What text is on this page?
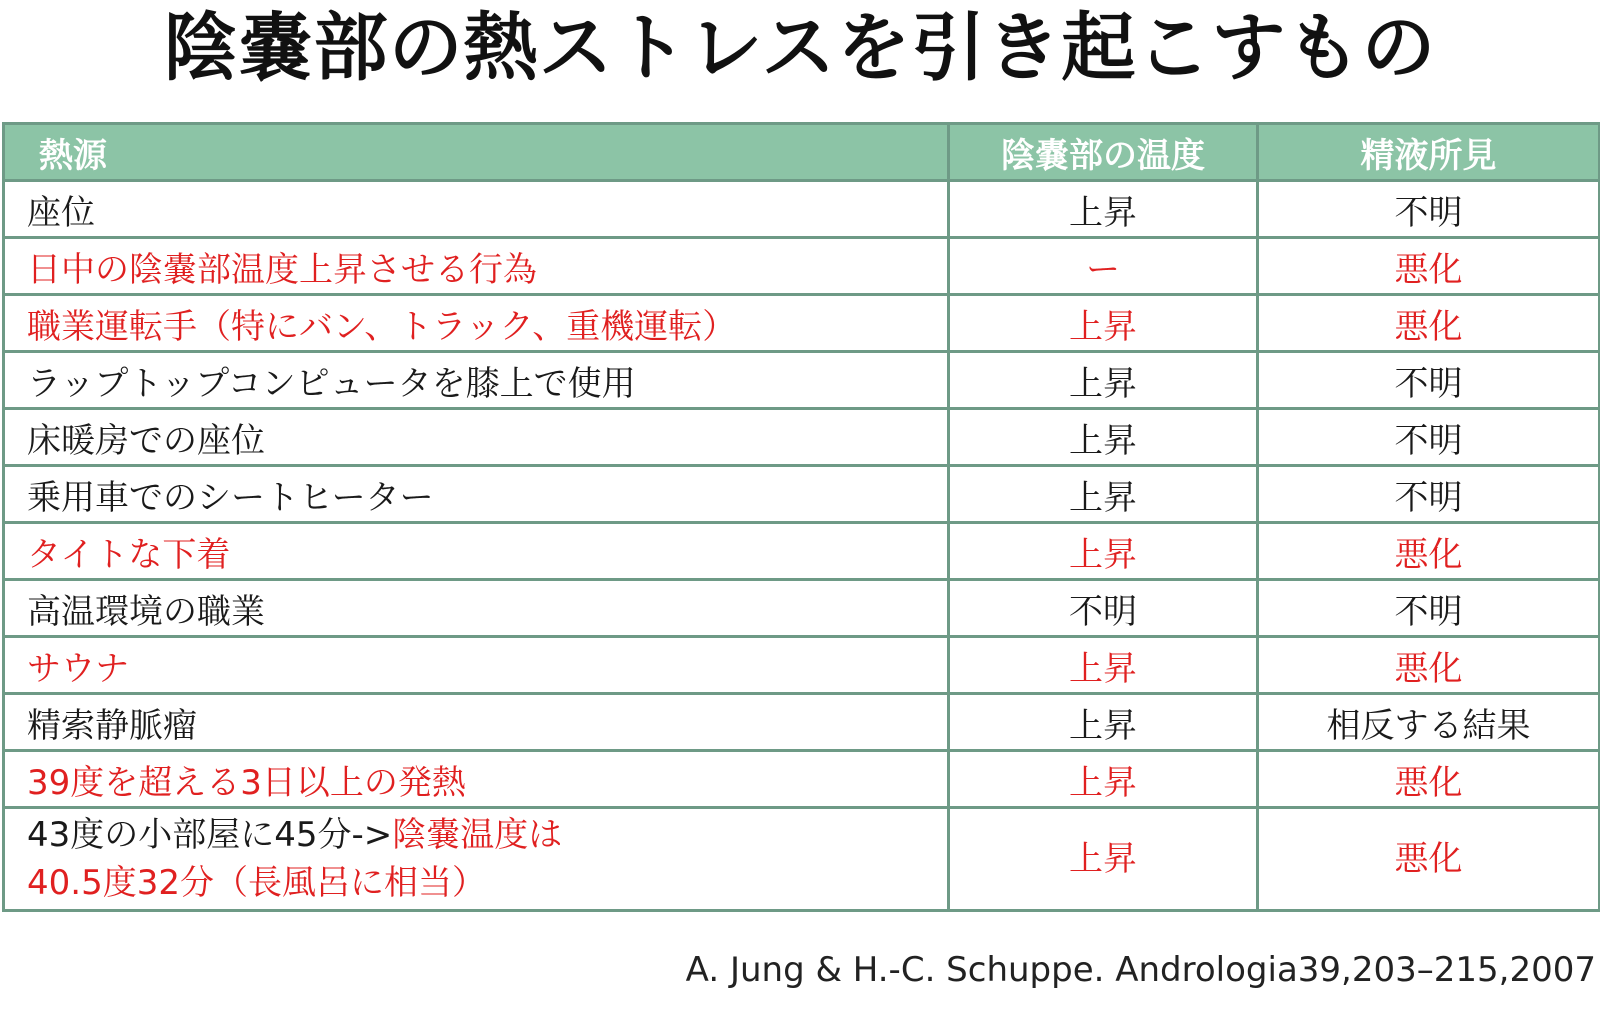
陰嚢部の熱ストレスを引き起こすもの
熱源	陰嚢部の温度	精液所見
座位	上昇	不明
日中の陰嚢部温度上昇させる行為	ー	悪化
職業運転手（特にバン、トラック、重機運転）	上昇	悪化
ラップトップコンピュータを膝上で使用	上昇	不明
床暖房での座位	上昇	不明
乗用車でのシートヒーター	上昇	不明
タイトな下着	上昇	悪化
高温環境の職業	不明	不明
サウナ	上昇	悪化
精索静脈瘤	上昇	相反する結果
39度を超える3日以上の発熱	上昇	悪化
43度の小部屋に45分->陰嚢温度は
40.5度32分（長風呂に相当）	上昇	悪化
A. Jung & H.-C. Schuppe. Andrologia39,203–215,2007
